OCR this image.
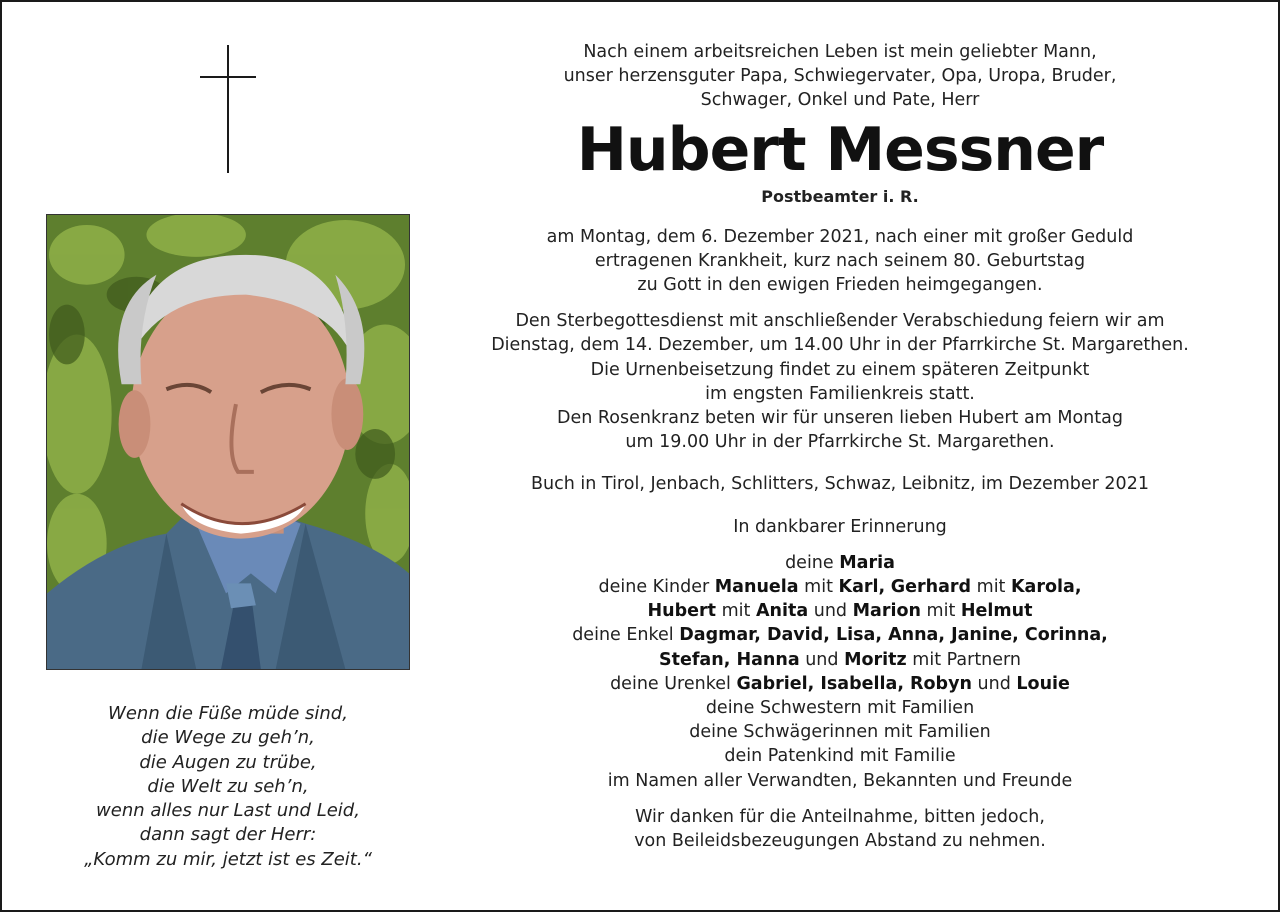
Wenn die Füße müde sind,
die Wege zu geh’n,
die Augen zu trübe,
die Welt zu seh’n,
wenn alles nur Last und Leid,
dann sagt der Herr:
„Komm zu mir, jetzt ist es Zeit.“
Nach einem arbeitsreichen Leben ist mein geliebter Mann,
unser herzensguter Papa, Schwiegervater, Opa, Uropa, Bruder,
Schwager, Onkel und Pate, Herr
Hubert Messner
Postbeamter i. R.
am Montag, dem 6. Dezember 2021, nach einer mit großer Geduld
ertragenen Krankheit, kurz nach seinem 80. Geburtstag
zu Gott in den ewigen Frieden heimgegangen.
Den Sterbegottesdienst mit anschließender Verabschiedung feiern wir am
Dienstag, dem 14. Dezember, um 14.00 Uhr in der Pfarrkirche St. Margarethen.
Die Urnenbeisetzung findet zu einem späteren Zeitpunkt
im engsten Familienkreis statt.
Den Rosenkranz beten wir für unseren lieben Hubert am Montag
um 19.00 Uhr in der Pfarrkirche St. Margarethen.
Buch in Tirol, Jenbach, Schlitters, Schwaz, Leibnitz, im Dezember 2021
In dankbarer Erinnerung
deine Maria
deine Kinder Manuela mit Karl, Gerhard mit Karola,
Hubert mit Anita und Marion mit Helmut
deine Enkel Dagmar, David, Lisa, Anna, Janine, Corinna,
Stefan, Hanna und Moritz mit Partnern
deine Urenkel Gabriel, Isabella, Robyn und Louie
deine Schwestern mit Familien
deine Schwägerinnen mit Familien
dein Patenkind mit Familie
im Namen aller Verwandten, Bekannten und Freunde
Wir danken für die Anteilnahme, bitten jedoch,
von Beileidsbezeugungen Abstand zu nehmen.
